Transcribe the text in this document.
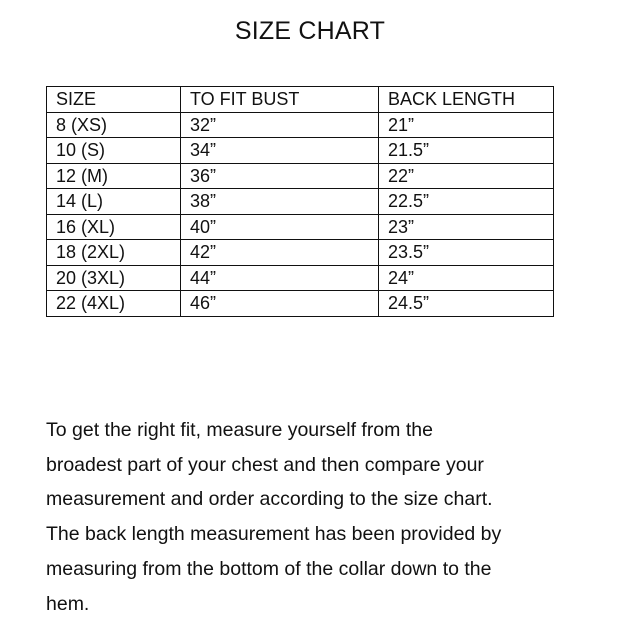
SIZE CHART
SIZE	TO FIT BUST	BACK LENGTH
8 (XS)	32”	21”
10 (S)	34”	21.5”
12 (M)	36”	22”
14 (L)	38”	22.5”
16 (XL)	40”	23”
18 (2XL)	42”	23.5”
20 (3XL)	44”	24”
22 (4XL)	46”	24.5”

To get the right fit, measure yourself from the
broadest part of your chest and then compare your
measurement and order according to the size chart.
The back length measurement has been provided by
measuring from the bottom of the collar down to the
hem.
